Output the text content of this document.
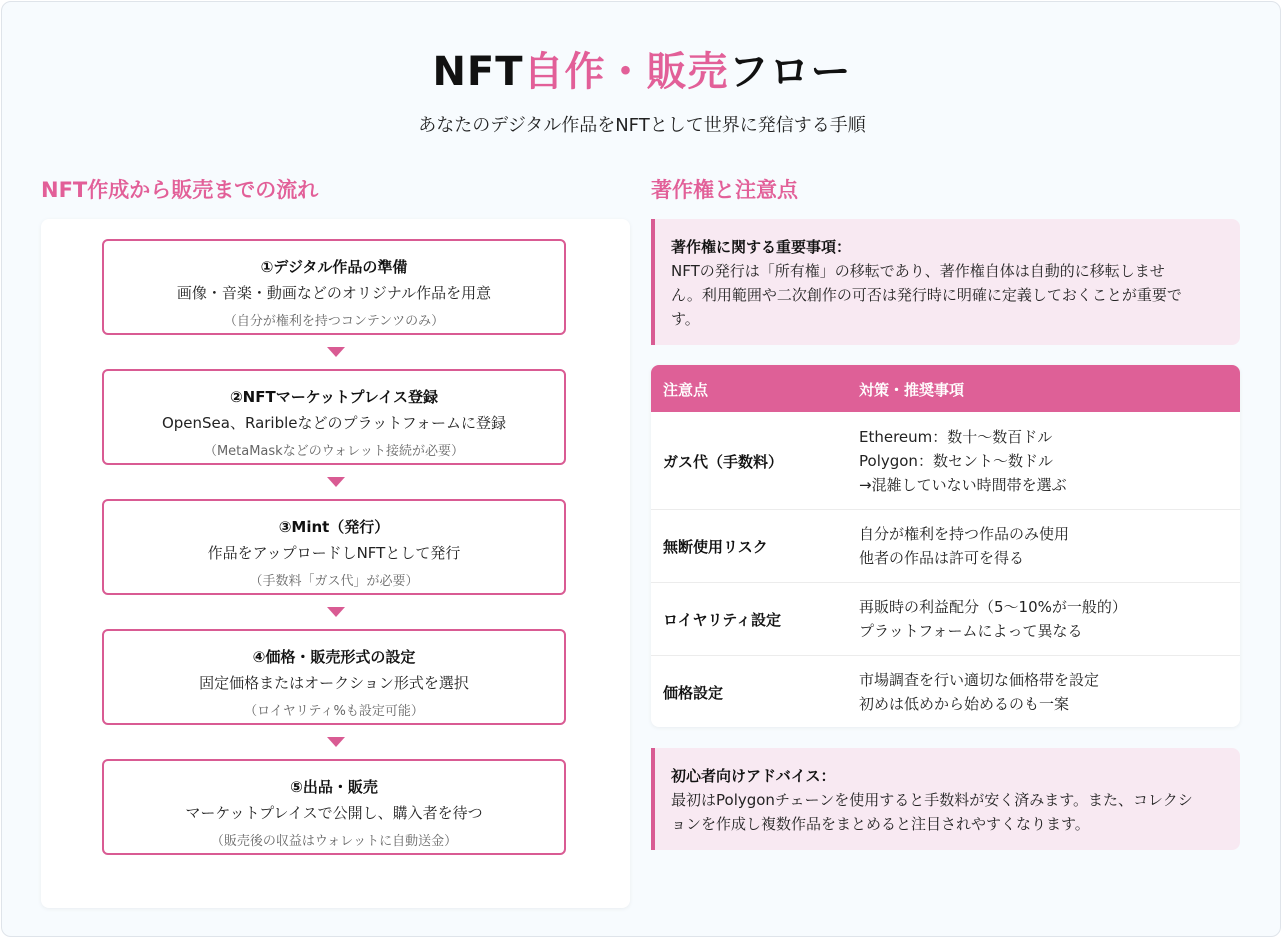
NFT自作・販売フロー
あなたのデジタル作品をNFTとして世界に発信する手順
NFT作成から販売までの流れ	著作権と注意点
①デジタル作品の準備
画像・音楽・動画などのオリジナル作品を用意
（自分が権利を持つコンテンツのみ）
②NFTマーケットプレイス登録
OpenSea、Raribleなどのプラットフォームに登録
（MetaMaskなどのウォレット接続が必要）
③Mint（発行）
作品をアップロードしNFTとして発行
（手数料「ガス代」が必要）
④価格・販売形式の設定
固定価格またはオークション形式を選択
（ロイヤリティ%も設定可能）
⑤出品・販売
マーケットプレイスで公開し、購入者を待つ
（販売後の収益はウォレットに自動送金）
著作権に関する重要事項：
NFTの発行は「所有権」の移転であり、著作権自体は自動的に移転しませ
ん。利用範囲や二次創作の可否は発行時に明確に定義しておくことが重要で
す。
注意点	対策・推奨事項
ガス代（手数料）
Ethereum：数十〜数百ドル
Polygon：数セント〜数ドル
→混雑していない時間帯を選ぶ
無断使用リスク
自分が権利を持つ作品のみ使用
他者の作品は許可を得る
ロイヤリティ設定
再販時の利益配分（5〜10%が一般的）
プラットフォームによって異なる
価格設定
市場調査を行い適切な価格帯を設定
初めは低めから始めるのも一案
初心者向けアドバイス：
最初はPolygonチェーンを使用すると手数料が安く済みます。また、コレクシ
ョンを作成し複数作品をまとめると注目されやすくなります。
